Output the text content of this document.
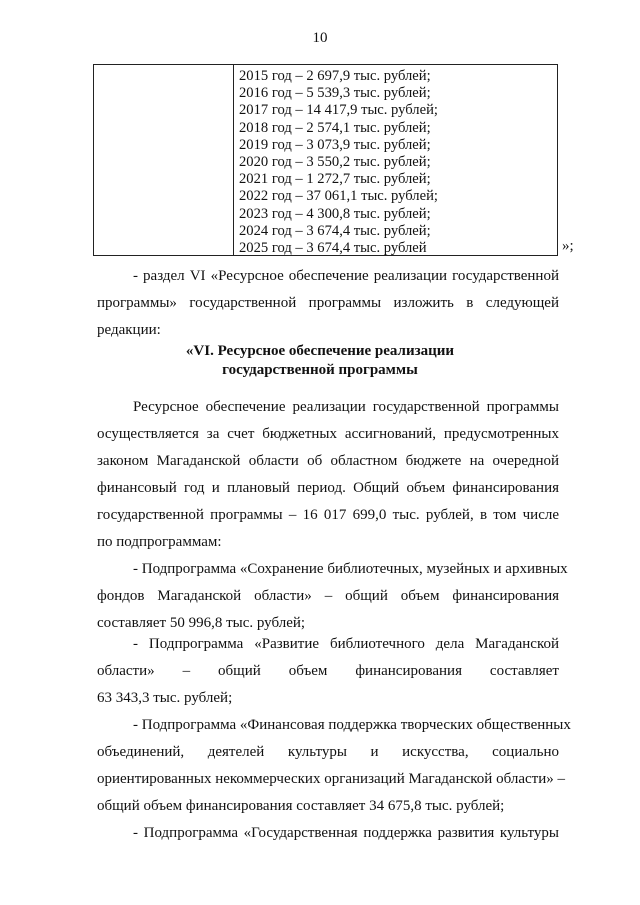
10
2015 год – 2 697,9 тыс. рублей;
2016 год – 5 539,3 тыс. рублей;
2017 год – 14 417,9 тыс. рублей;
2018 год – 2 574,1 тыс. рублей;
2019 год – 3 073,9 тыс. рублей;
2020 год – 3 550,2 тыс. рублей;
2021 год – 1 272,7 тыс. рублей;
2022 год – 37 061,1 тыс. рублей;
2023 год – 4 300,8 тыс. рублей;
2024 год – 3 674,4 тыс. рублей;
2025 год – 3 674,4 тыс. рублей	»;
- раздел VI «Ресурсное обеспечение реализации государственной
программы» государственной программы изложить в следующей
редакции:
«VI. Ресурсное обеспечение реализации
государственной программы
Ресурсное обеспечение реализации государственной программы
осуществляется за счет бюджетных ассигнований, предусмотренных
законом Магаданской области об областном бюджете на очередной
финансовый год и плановый период. Общий объем финансирования
государственной программы – 16 017 699,0 тыс. рублей, в том числе
по подпрограммам:
- Подпрограмма «Сохранение библиотечных, музейных и архивных
фондов Магаданской области» – общий объем финансирования
составляет 50 996,8 тыс. рублей;
- Подпрограмма «Развитие библиотечного дела Магаданской
области» – общий объем финансирования составляет
63 343,3 тыс. рублей;
- Подпрограмма «Финансовая поддержка творческих общественных
объединений, деятелей культуры и искусства, социально
ориентированных некоммерческих организаций Магаданской области» –
общий объем финансирования составляет 34 675,8 тыс. рублей;
- Подпрограмма «Государственная поддержка развития культуры
